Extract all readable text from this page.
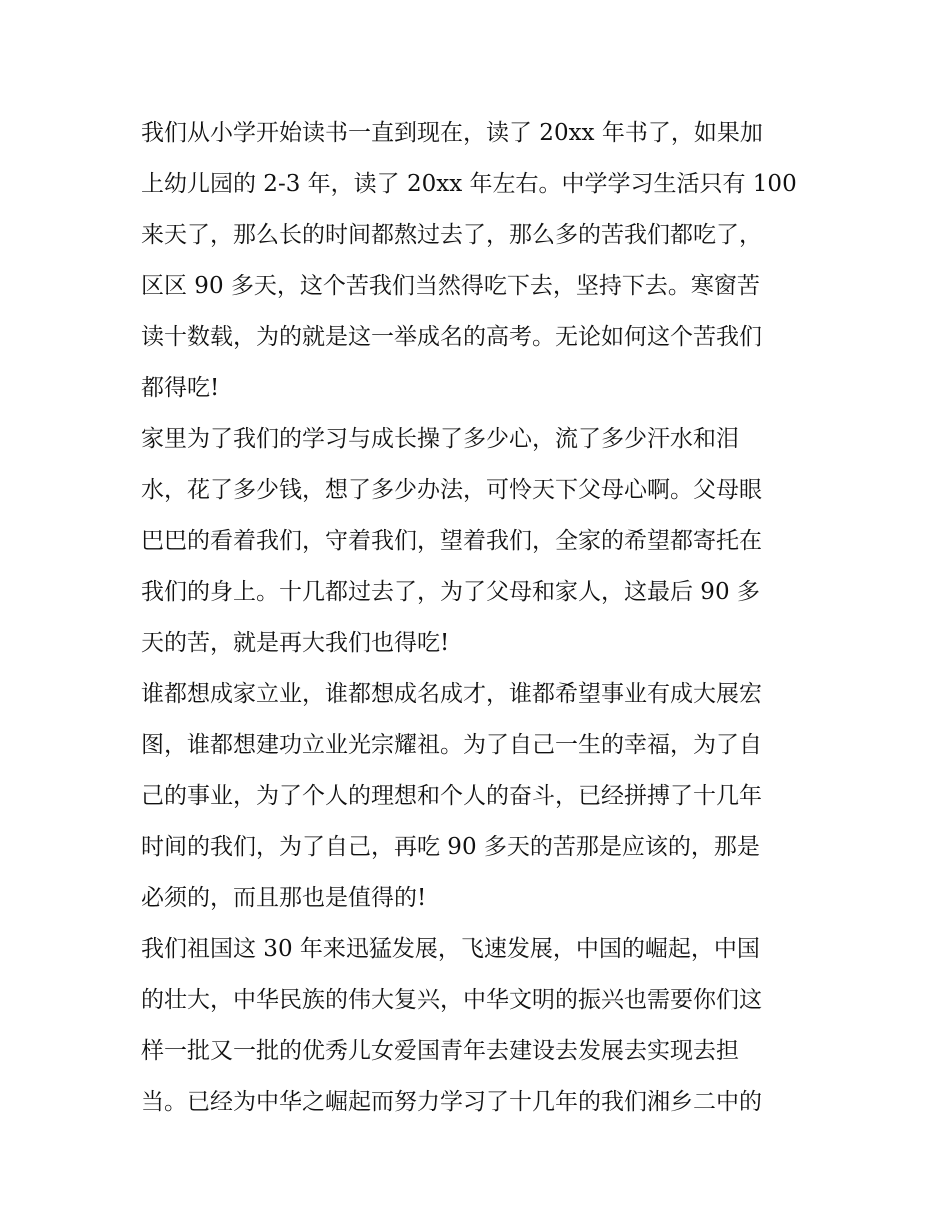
我们从小学开始读书一直到现在，读了 20xx 年书了，如果加
上幼儿园的 2-3 年，读了 20xx 年左右。中学学习生活只有 100
来天了，那么长的时间都熬过去了，那么多的苦我们都吃了，
区区 90 多天，这个苦我们当然得吃下去，坚持下去。寒窗苦
读十数载，为的就是这一举成名的高考。无论如何这个苦我们
都得吃!
家里为了我们的学习与成长操了多少心，流了多少汗水和泪
水，花了多少钱，想了多少办法，可怜天下父母心啊。父母眼
巴巴的看着我们，守着我们，望着我们，全家的希望都寄托在
我们的身上。十几都过去了，为了父母和家人，这最后 90 多
天的苦，就是再大我们也得吃!
谁都想成家立业，谁都想成名成才，谁都希望事业有成大展宏
图，谁都想建功立业光宗耀祖。为了自己一生的幸福，为了自
己的事业，为了个人的理想和个人的奋斗，已经拼搏了十几年
时间的我们，为了自己，再吃 90 多天的苦那是应该的，那是
必须的，而且那也是值得的!
我们祖国这 30 年来迅猛发展，飞速发展，中国的崛起，中国
的壮大，中华民族的伟大复兴，中华文明的振兴也需要你们这
样一批又一批的优秀儿女爱国青年去建设去发展去实现去担
当。已经为中华之崛起而努力学习了十几年的我们湘乡二中的
